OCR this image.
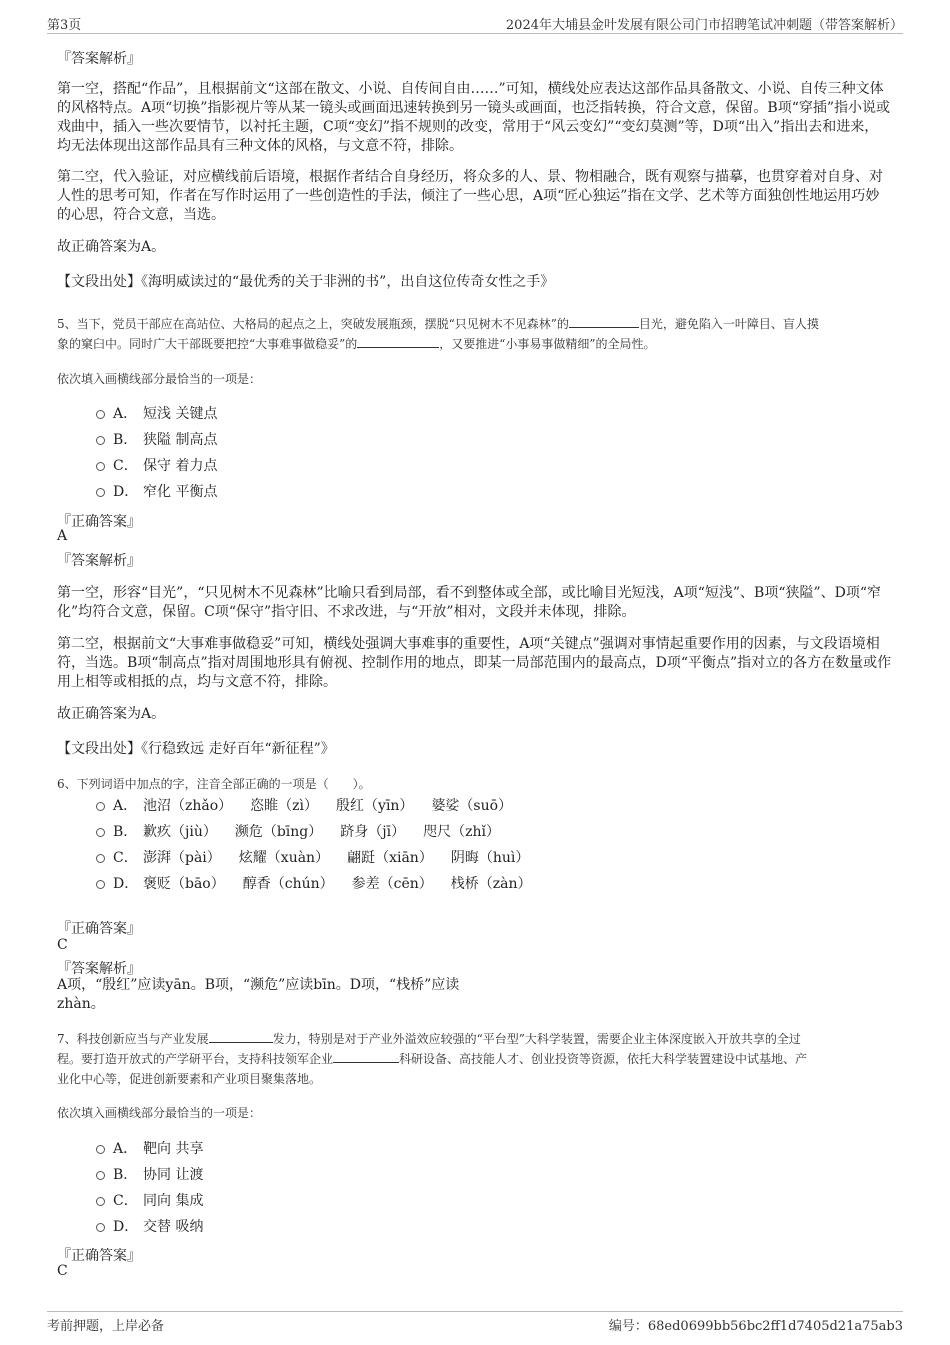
第3页	2024年大埔县金叶发展有限公司门市招聘笔试冲刺题（带答案解析）
『答案解析』
第一空，搭配“作品”，且根据前文“这部在散文、小说、自传间自由……”可知，横线处应表达这部作品具备散文、小说、自传三种文体的风格特点。A项“切换”指影视片等从某一镜头或画面迅速转换到另一镜头或画面，也泛指转换，符合文意，保留。B项“穿插”指小说或戏曲中，插入一些次要情节，以衬托主题，C项“变幻”指不规则的改变，常用于“风云变幻”“变幻莫测”等，D项“出入”指出去和进来，均无法体现出这部作品具有三种文体的风格，与文意不符，排除。
第二空，代入验证，对应横线前后语境，根据作者结合自身经历，将众多的人、景、物相融合，既有观察与描摹，也贯穿着对自身、对人性的思考可知，作者在写作时运用了一些创造性的手法，倾注了一些心思，A项“匠心独运”指在文学、艺术等方面独创性地运用巧妙的心思，符合文意，当选。
故正确答案为A。
【文段出处】《海明威读过的“最优秀的关于非洲的书”，出自这位传奇女性之手》
5、当下，党员干部应在高站位、大格局的起点之上，突破发展瓶颈，摆脱“只见树木不见森林”的	目光，避免陷入一叶障目、盲人摸
象的窠臼中。同时广大干部既要把控“大事难事做稳妥”的	，又要推进“小事易事做精细”的全局性。
依次填入画横线部分最恰当的一项是：
A． 短浅 关键点
B． 狭隘 制高点
C． 保守 着力点
D． 窄化 平衡点
『正确答案』
A
『答案解析』
第一空，形容“目光”，“只见树木不见森林”比喻只看到局部，看不到整体或全部，或比喻目光短浅，A项“短浅”、B项“狭隘”、D项“窄化”均符合文意，保留。C项“保守”指守旧、不求改进，与“开放”相对，文段并未体现，排除。
第二空，根据前文“大事难事做稳妥”可知，横线处强调大事难事的重要性，A项“关键点”强调对事情起重要作用的因素，与文段语境相符，当选。B项“制高点”指对周围地形具有俯视、控制作用的地点，即某一局部范围内的最高点，D项“平衡点”指对立的各方在数量或作用上相等或相抵的点，均与文意不符，排除。
故正确答案为A。
【文段出处】《行稳致远 走好百年“新征程”》
6、下列词语中加点的字，注音全部正确的一项是（　　）。
A． 池沼（zhǎo） 恣睢（zì） 殷红（yīn） 婆娑（suō）
B． 歉疚（jiù） 濒危（bīng） 跻身（jī） 咫尺（zhǐ）
C． 澎湃（pài） 炫耀（xuàn） 翩跹（xiān） 阴晦（huì）
D． 褒贬（bāo） 醇香（chún） 参差（cēn） 栈桥（zàn）
『正确答案』
C
『答案解析』
A项，“殷红”应读yān。B项，“濒危”应读bīn。D项，“栈桥”应读
zhàn。
7、科技创新应当与产业发展	发力，特别是对于产业外溢效应较强的“平台型”大科学装置，需要企业主体深度嵌入开放共享的全过
程。要打造开放式的产学研平台，支持科技领军企业	科研设备、高技能人才、创业投资等资源，依托大科学装置建设中试基地、产
业化中心等，促进创新要素和产业项目聚集落地。
依次填入画横线部分最恰当的一项是：
A． 靶向 共享
B． 协同 让渡
C． 同向 集成
D． 交替 吸纳
『正确答案』
C
考前押题，上岸必备	编号：68ed0699bb56bc2ff1d7405d21a75ab3
